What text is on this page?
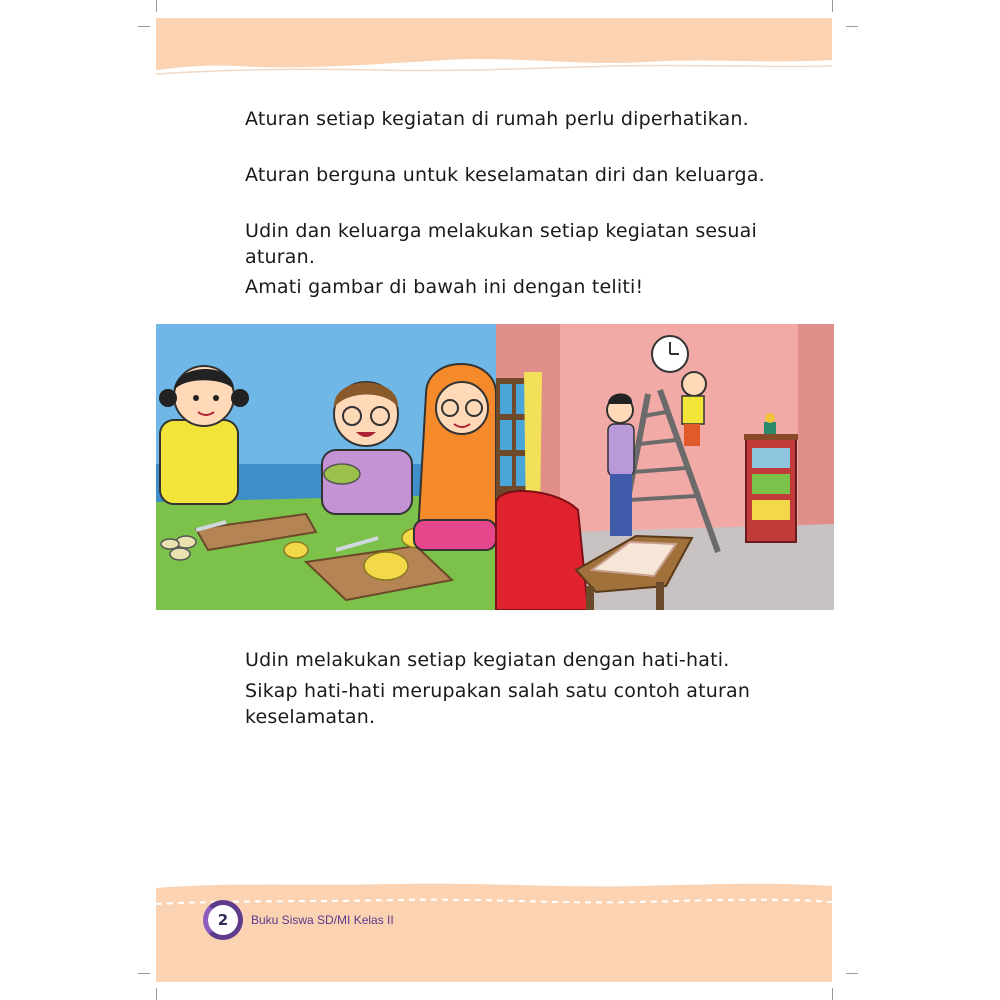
Aturan setiap kegiatan di rumah perlu diperhatikan.

Aturan berguna untuk keselamatan diri dan keluarga.

Udin dan keluarga melakukan setiap kegiatan sesuai aturan.

Amati gambar di bawah ini dengan teliti!

Udin melakukan setiap kegiatan dengan hati-hati.

Sikap hati-hati merupakan salah satu contoh aturan keselamatan.

2	Buku Siswa SD/MI Kelas II
